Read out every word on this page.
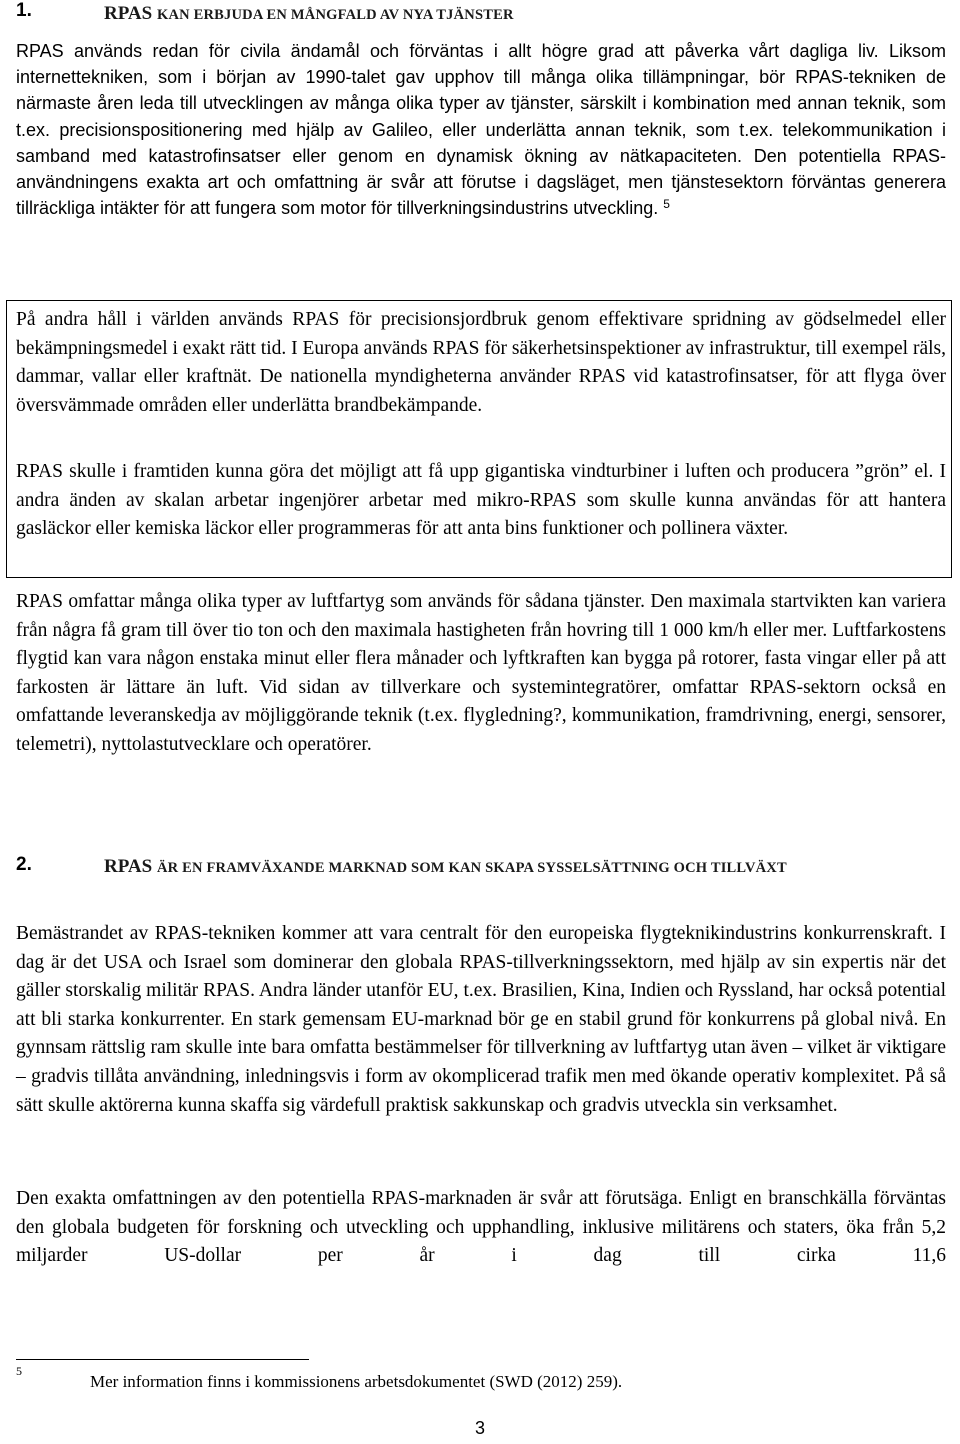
1.	RPAS KAN ERBJUDA EN MÅNGFALD AV NYA TJÄNSTER

RPAS används redan för civila ändamål och förväntas i allt högre grad att påverka vårt dagliga liv. Liksom internettekniken, som i början av 1990-talet gav upphov till många olika tillämpningar, bör RPAS-tekniken de närmaste åren leda till utvecklingen av många olika typer av tjänster, särskilt i kombination med annan teknik, som t.ex. precisionspositionering med hjälp av Galileo, eller underlätta annan teknik, som t.ex. telekommunikation i samband med katastrofinsatser eller genom en dynamisk ökning av nätkapaciteten. Den potentiella RPAS-användningens exakta art och omfattning är svår att förutse i dagsläget, men tjänstesektorn förväntas generera tillräckliga intäkter för att fungera som motor för tillverkningsindustrins utveckling. $^5$

På andra håll i världen används RPAS för precisionsjordbruk genom effektivare spridning av gödselmedel eller bekämpningsmedel i exakt rätt tid. I Europa används RPAS för säkerhetsinspektioner av infrastruktur, till exempel räls, dammar, vallar eller kraftnät. De nationella myndigheterna använder RPAS vid katastrofinsatser, för att flyga över översvämmade områden eller underlätta brandbekämpande.

RPAS skulle i framtiden kunna göra det möjligt att få upp gigantiska vindturbiner i luften och producera ”grön” el. I andra änden av skalan arbetar ingenjörer arbetar med mikro-RPAS som skulle kunna användas för att hantera gasläckor eller kemiska läckor eller programmeras för att anta bins funktioner och pollinera växter.

RPAS omfattar många olika typer av luftfartyg som används för sådana tjänster. Den maximala startvikten kan variera från några få gram till över tio ton och den maximala hastigheten från hovring till 1 000 km/h eller mer. Luftfarkostens flygtid kan vara någon enstaka minut eller flera månader och lyftkraften kan bygga på rotorer, fasta vingar eller på att farkosten är lättare än luft. Vid sidan av tillverkare och systemintegratörer, omfattar RPAS-sektorn också en omfattande leveranskedja av möjliggörande teknik (t.ex. flygledning?, kommunikation, framdrivning, energi, sensorer, telemetri), nyttolastutvecklare och operatörer.

2.	RPAS ÄR EN FRAMVÄXANDE MARKNAD SOM KAN SKAPA SYSSELSÄTTNING OCH TILLVÄXT

Bemästrandet av RPAS-tekniken kommer att vara centralt för den europeiska flygteknikindustrins konkurrenskraft. I dag är det USA och Israel som dominerar den globala RPAS-tillverkningssektorn, med hjälp av sin expertis när det gäller storskalig militär RPAS. Andra länder utanför EU, t.ex. Brasilien, Kina, Indien och Ryssland, har också potential att bli starka konkurrenter. En stark gemensam EU-marknad bör ge en stabil grund för konkurrens på global nivå. En gynnsam rättslig ram skulle inte bara omfatta bestämmelser för tillverkning av luftfartyg utan även – vilket är viktigare – gradvis tillåta användning, inledningsvis i form av okomplicerad trafik men med ökande operativ komplexitet. På så sätt skulle aktörerna kunna skaffa sig värdefull praktisk sakkunskap och gradvis utveckla sin verksamhet.

Den exakta omfattningen av den potentiella RPAS-marknaden är svår att förutsäga. Enligt en branschkälla förväntas den globala budgeten för forskning och utveckling och upphandling, inklusive militärens och staters, öka från 5,2 miljarder US-dollar per år i dag till cirka 11,6

5
Mer information finns i kommissionens arbetsdokumentet (SWD (2012) 259).
3
